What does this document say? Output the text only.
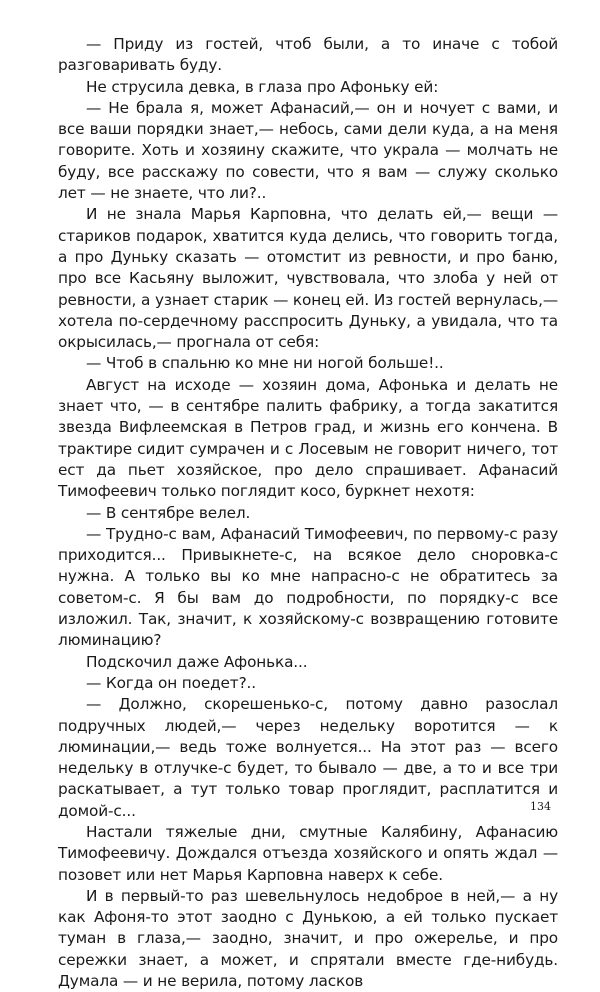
— Приду из гостей, чтоб были, а то иначе с тобой разговаривать буду.

Не струсила девка, в глаза про Афоньку ей:

— Не брала я, может Афанасий,— он и ночует с вами, и все ваши порядки знает,— небось, сами дели куда, а на меня говорите. Хоть и хозяину скажите, что украла — молчать не буду, все расскажу по совести, что я вам — служу сколько лет — не знаете, что ли?..

И не знала Марья Карповна, что делать ей,— вещи — стариков подарок, хватится куда делись, что говорить тогда, а про Дуньку сказать — отомстит из ревности, и про баню, про все Касьяну выложит, чувствовала, что злоба у ней от ревности, а узнает старик — конец ей. Из гостей вернулась,— хотела по-сердечному расспросить Дуньку, а увидала, что та окрысилась,— прогнала от себя:

— Чтоб в спальню ко мне ни ногой больше!..

Август на исходе — хозяин дома, Афонька и делать не знает что, — в сентябре палить фабрику, а тогда закатится звезда Вифлеемская в Петров град, и жизнь его кончена. В трактире сидит сумрачен и с Лосевым не говорит ничего, тот ест да пьет хозяйское, про дело спрашивает. Афанасий Тимофеевич только поглядит косо, буркнет нехотя:

— В сентябре велел.

— Трудно-с вам, Афанасий Тимофеевич, по первому-с разу приходится... Привыкнете-с, на всякое дело сноровка-с нужна. А только вы ко мне напрасно-с не обратитесь за советом-с. Я бы вам до подробности, по порядку-с все изложил. Так, значит, к хозяйскому-с возвращению готовите люминацию?

Подскочил даже Афонька...

— Когда он поедет?..

— Должно, скорешенько-с, потому давно разослал подручных людей,— через недельку воротится — к люминации,— ведь тоже волнуется... На этот раз — всего недельку в отлучке-с будет, то бывало — две, а то и все три раскатывает, а тут только товар проглядит, расплатится и домой-с...

Настали тяжелые дни, смутные Калябину, Афанасию Тимофеевичу. Дождался отъезда хозяйского и опять ждал — позовет или нет Марья Карповна наверх к себе.

И в первый-то раз шевельнулось недоброе в ней,— а ну как Афоня-то этот заодно с Дунькою, а ей только пускает туман в глаза,— заодно, значит, и про ожерелье, и про сережки знает, а может, и спрятали вместе где-нибудь. Думала — и не верила, потому ласков

134
